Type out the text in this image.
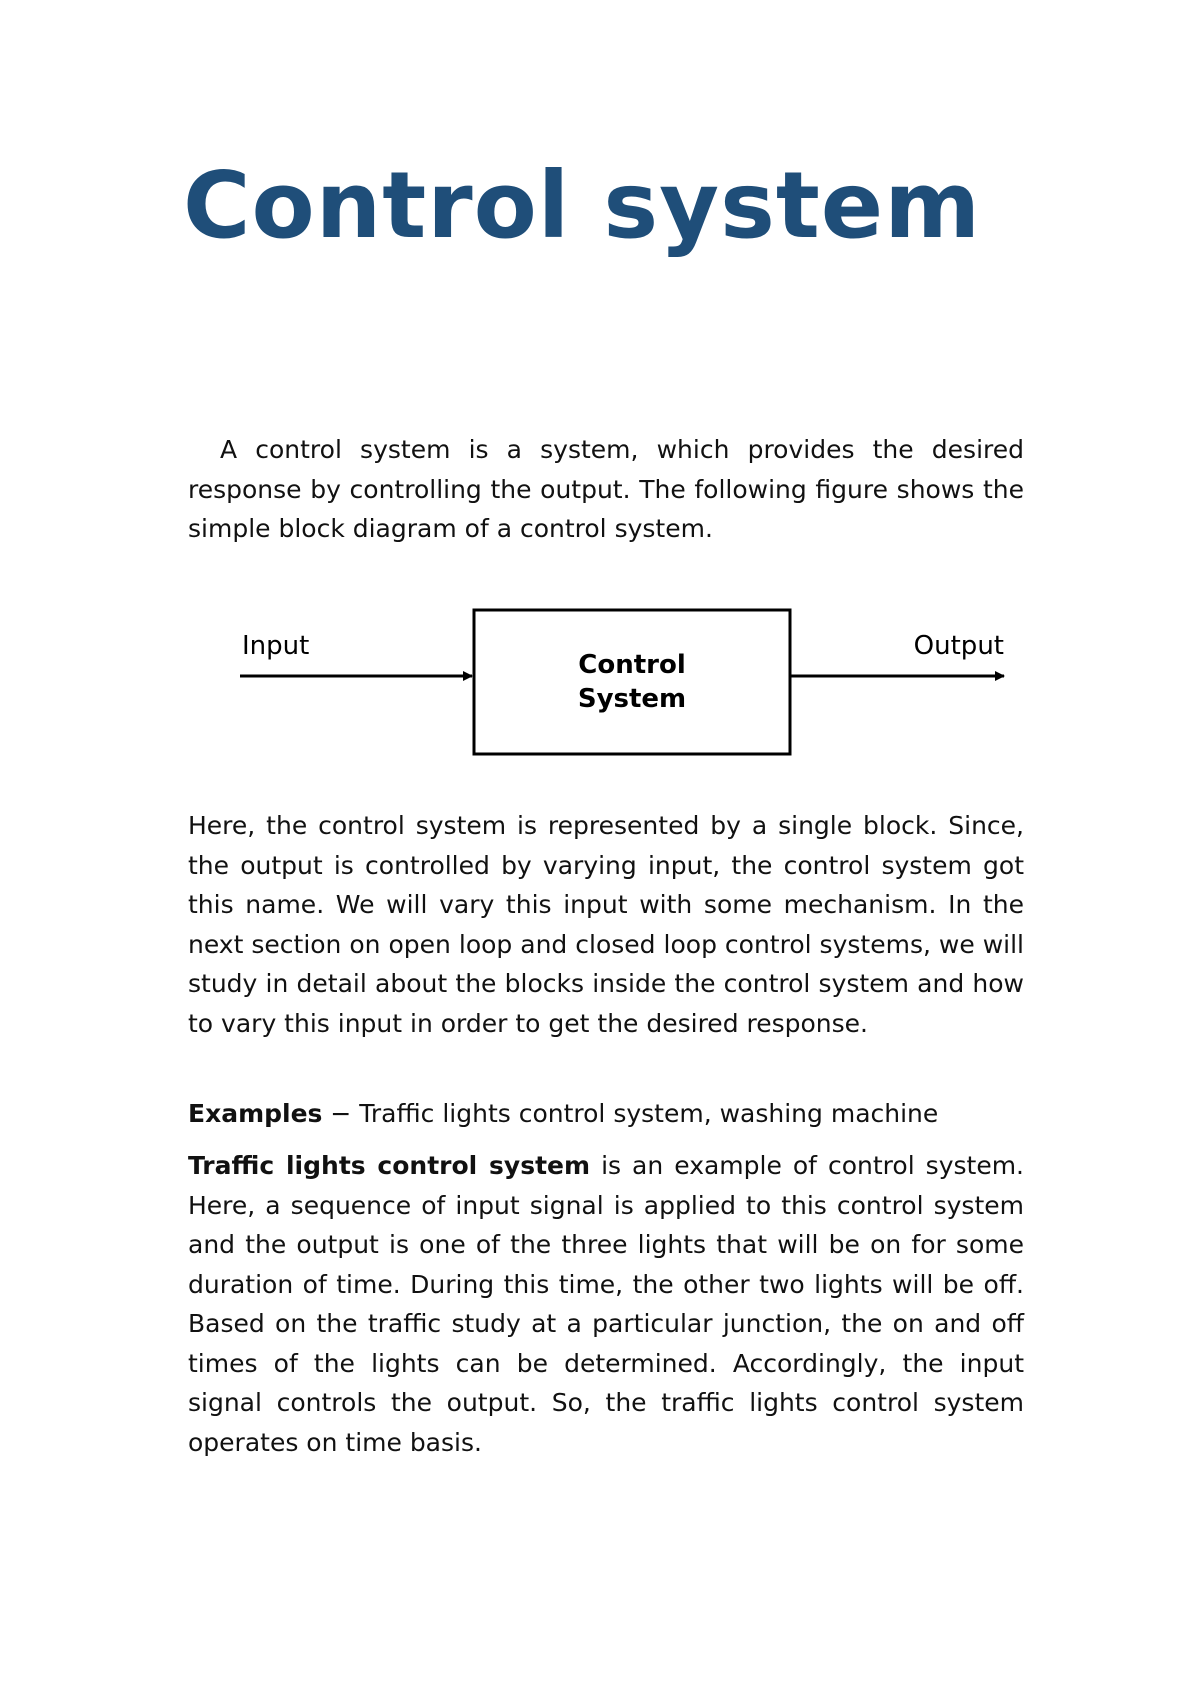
Control system

A control system is a system, which provides the desired response by controlling the output. The following figure shows the simple block diagram of a control system.

Input
Control
System
Output

Here, the control system is represented by a single block. Since, the output is controlled by varying input, the control system got this name. We will vary this input with some mechanism. In the next section on open loop and closed loop control systems, we will study in detail about the blocks inside the control system and how to vary this input in order to get the desired response.

Examples − Traffic lights control system, washing machine

Traffic lights control system is an example of control system. Here, a sequence of input signal is applied to this control system and the output is one of the three lights that will be on for some duration of time. During this time, the other two lights will be off. Based on the traffic study at a particular junction, the on and off times of the lights can be determined. Accordingly, the input signal controls the output. So, the traffic lights control system operates on time basis.
